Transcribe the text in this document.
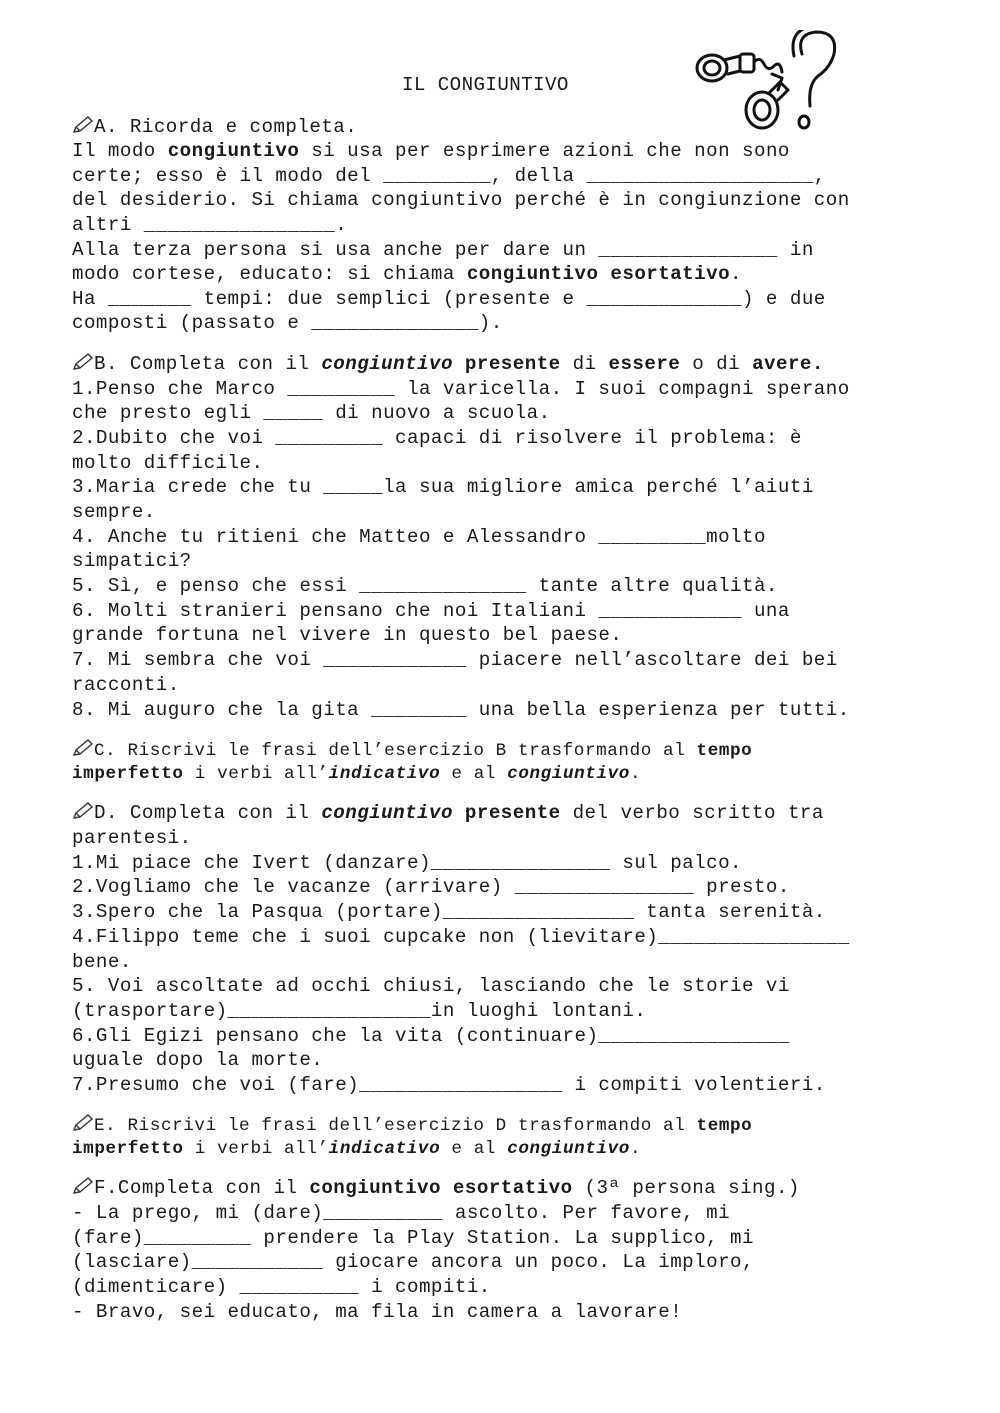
IL CONGIUNTIVO
A. Ricorda e completa.
Il modo congiuntivo si usa per esprimere azioni che non sono
certe; esso è il modo del _________, della ___________________,
del desiderio. Si chiama congiuntivo perché è in congiunzione con
altri ________________.
Alla terza persona si usa anche per dare un _______________ in
modo cortese, educato: si chiama congiuntivo esortativo.
Ha _______ tempi: due semplici (presente e _____________) e due
composti (passato e ______________).
B. Completa con il congiuntivo presente di essere o di avere.
1.Penso che Marco _________ la varicella. I suoi compagni sperano
che presto egli _____ di nuovo a scuola.
2.Dubito che voi _________ capaci di risolvere il problema: è
molto difficile.
3.Maria crede che tu _____la sua migliore amica perché l’aiuti
sempre.
4. Anche tu ritieni che Matteo e Alessandro _________molto
simpatici?
5. Sì, e penso che essi ______________ tante altre qualità.
6. Molti stranieri pensano che noi Italiani ____________ una
grande fortuna nel vivere in questo bel paese.
7. Mi sembra che voi ____________ piacere nell’ascoltare dei bei
racconti.
8. Mi auguro che la gita ________ una bella esperienza per tutti.
C. Riscrivi le frasi dell’esercizio B trasformando al tempo
imperfetto i verbi all’indicativo e al congiuntivo.
D. Completa con il congiuntivo presente del verbo scritto tra
parentesi.
1.Mi piace che Ivert (danzare)_______________ sul palco.
2.Vogliamo che le vacanze (arrivare) _______________ presto.
3.Spero che la Pasqua (portare)________________ tanta serenità.
4.Filippo teme che i suoi cupcake non (lievitare)________________
bene.
5. Voi ascoltate ad occhi chiusi, lasciando che le storie vi
(trasportare)_________________in luoghi lontani.
6.Gli Egizi pensano che la vita (continuare)________________
uguale dopo la morte.
7.Presumo che voi (fare)_________________ i compiti volentieri.
E. Riscrivi le frasi dell’esercizio D trasformando al tempo
imperfetto i verbi all’indicativo e al congiuntivo.
F.Completa con il congiuntivo esortativo (3ª persona sing.)
- La prego, mi (dare)__________ ascolto. Per favore, mi
(fare)_________ prendere la Play Station. La supplico, mi
(lasciare)___________ giocare ancora un poco. La imploro,
(dimenticare) __________ i compiti.
- Bravo, sei educato, ma fila in camera a lavorare!
